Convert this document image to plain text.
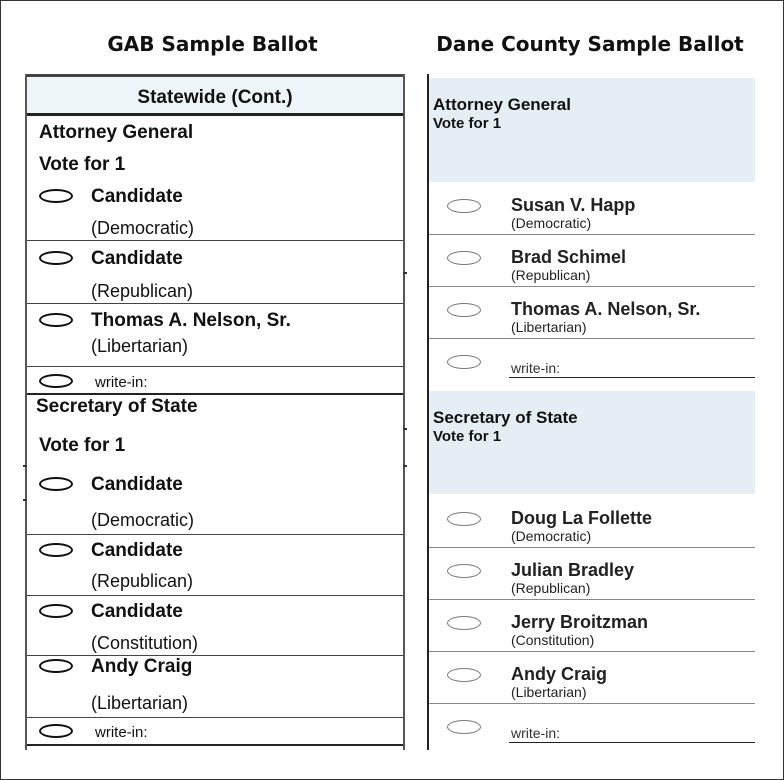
GAB Sample Ballot	Dane County Sample Ballot
Statewide (Cont.)
Attorney General
Vote for 1
Candidate
(Democratic)
Candidate
(Republican)
Thomas A. Nelson, Sr.
(Libertarian)
write-in:
Secretary of State
Vote for 1
Candidate
(Democratic)
Candidate
(Republican)
Candidate
(Constitution)
Andy Craig
(Libertarian)
write-in:
Attorney General
Vote for 1
Susan V. Happ
(Democratic)
Brad Schimel
(Republican)
Thomas A. Nelson, Sr.
(Libertarian)
write-in:
Secretary of State
Vote for 1
Doug La Follette
(Democratic)
Julian Bradley
(Republican)
Jerry Broitzman
(Constitution)
Andy Craig
(Libertarian)
write-in:
